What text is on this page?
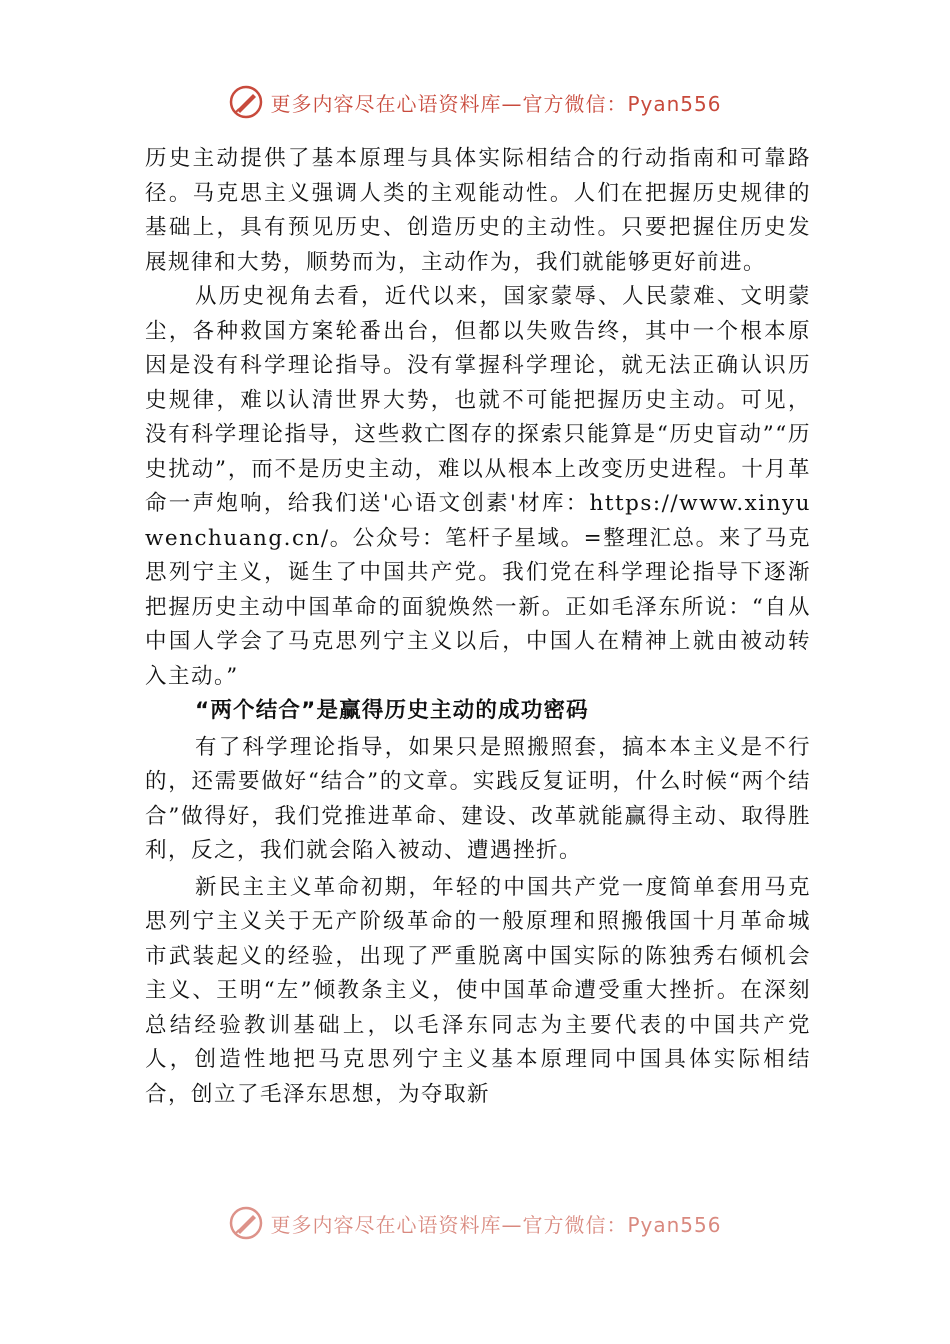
更多内容尽在心语资料库—官方微信：Pyan556

历史主动提供了基本原理与具体实际相结合的行动指南和可靠路径。马克思主义强调人类的主观能动性。人们在把握历史规律的基础上，具有预见历史、创造历史的主动性。只要把握住历史发展规律和大势，顺势而为，主动作为，我们就能够更好前进。

从历史视角去看，近代以来，国家蒙辱、人民蒙难、文明蒙尘，各种救国方案轮番出台，但都以失败告终，其中一个根本原因是没有科学理论指导。没有掌握科学理论，就无法正确认识历史规律，难以认清世界大势，也就不可能把握历史主动。可见，没有科学理论指导，这些救亡图存的探索只能算是“历史盲动”“历史扰动”，而不是历史主动，难以从根本上改变历史进程。十月革命一声炮响，给我们送'心语文创素'材库：https://www.xinyuwenchuang.cn/。公众号：笔杆子星域。=整理汇总。来了马克思列宁主义，诞生了中国共产党。我们党在科学理论指导下逐渐把握历史主动中国革命的面貌焕然一新。正如毛泽东所说：“自从中国人学会了马克思列宁主义以后，中国人在精神上就由被动转入主动。”

“两个结合”是赢得历史主动的成功密码

有了科学理论指导，如果只是照搬照套，搞本本主义是不行的，还需要做好“结合”的文章。实践反复证明，什么时候“两个结合”做得好，我们党推进革命、建设、改革就能赢得主动、取得胜利，反之，我们就会陷入被动、遭遇挫折。

新民主主义革命初期，年轻的中国共产党一度简单套用马克思列宁主义关于无产阶级革命的一般原理和照搬俄国十月革命城市武装起义的经验，出现了严重脱离中国实际的陈独秀右倾机会主义、王明“左”倾教条主义，使中国革命遭受重大挫折。在深刻总结经验教训基础上，以毛泽东同志为主要代表的中国共产党人，创造性地把马克思列宁主义基本原理同中国具体实际相结合，创立了毛泽东思想，为夺取新

更多内容尽在心语资料库—官方微信：Pyan556
